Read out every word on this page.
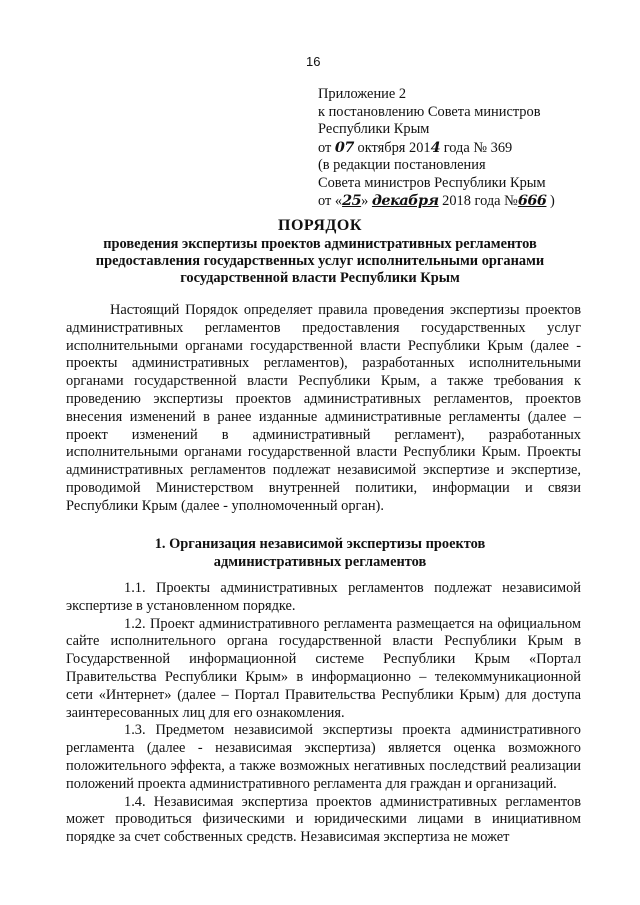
16
Приложение 2
к постановлению Совета министров
Республики Крым
от 07 октября 2014 года № 369
(в редакции постановления
Совета министров Республики Крым
от «25» декабря 2018 года №666 )
ПОРЯДОК
проведения экспертизы проектов административных регламентов
предоставления государственных услуг исполнительными органами
государственной власти Республики Крым

Настоящий Порядок определяет правила проведения экспертизы проектов административных регламентов предоставления государственных услуг исполнительными органами государственной власти Республики Крым (далее - проекты административных регламентов), разработанных исполнительными органами государственной власти Республики Крым, а также требования к проведению экспертизы проектов административных регламентов, проектов внесения изменений в ранее изданные административные регламенты (далее – проект изменений в административный регламент), разработанных исполнительными органами государственной власти Республики Крым. Проекты административных регламентов подлежат независимой экспертизе и экспертизе, проводимой Министерством внутренней политики, информации и связи Республики Крым (далее - уполномоченный орган).

1. Организация независимой экспертизы проектов
административных регламентов

1.1. Проекты административных регламентов подлежат независимой экспертизе в установленном порядке.

1.2. Проект административного регламента размещается на официальном сайте исполнительного органа государственной власти Республики Крым в Государственной информационной системе Республики Крым «Портал Правительства Республики Крым» в информационно – телекоммуникационной сети «Интернет» (далее – Портал Правительства Республики Крым) для доступа заинтересованных лиц для его ознакомления.

1.3. Предметом независимой экспертизы проекта административного регламента (далее - независимая экспертиза) является оценка возможного положительного эффекта, а также возможных негативных последствий реализации положений проекта административного регламента для граждан и организаций.

1.4. Независимая экспертиза проектов административных регламентов может проводиться физическими и юридическими лицами в инициативном порядке за счет собственных средств. Независимая экспертиза не может
